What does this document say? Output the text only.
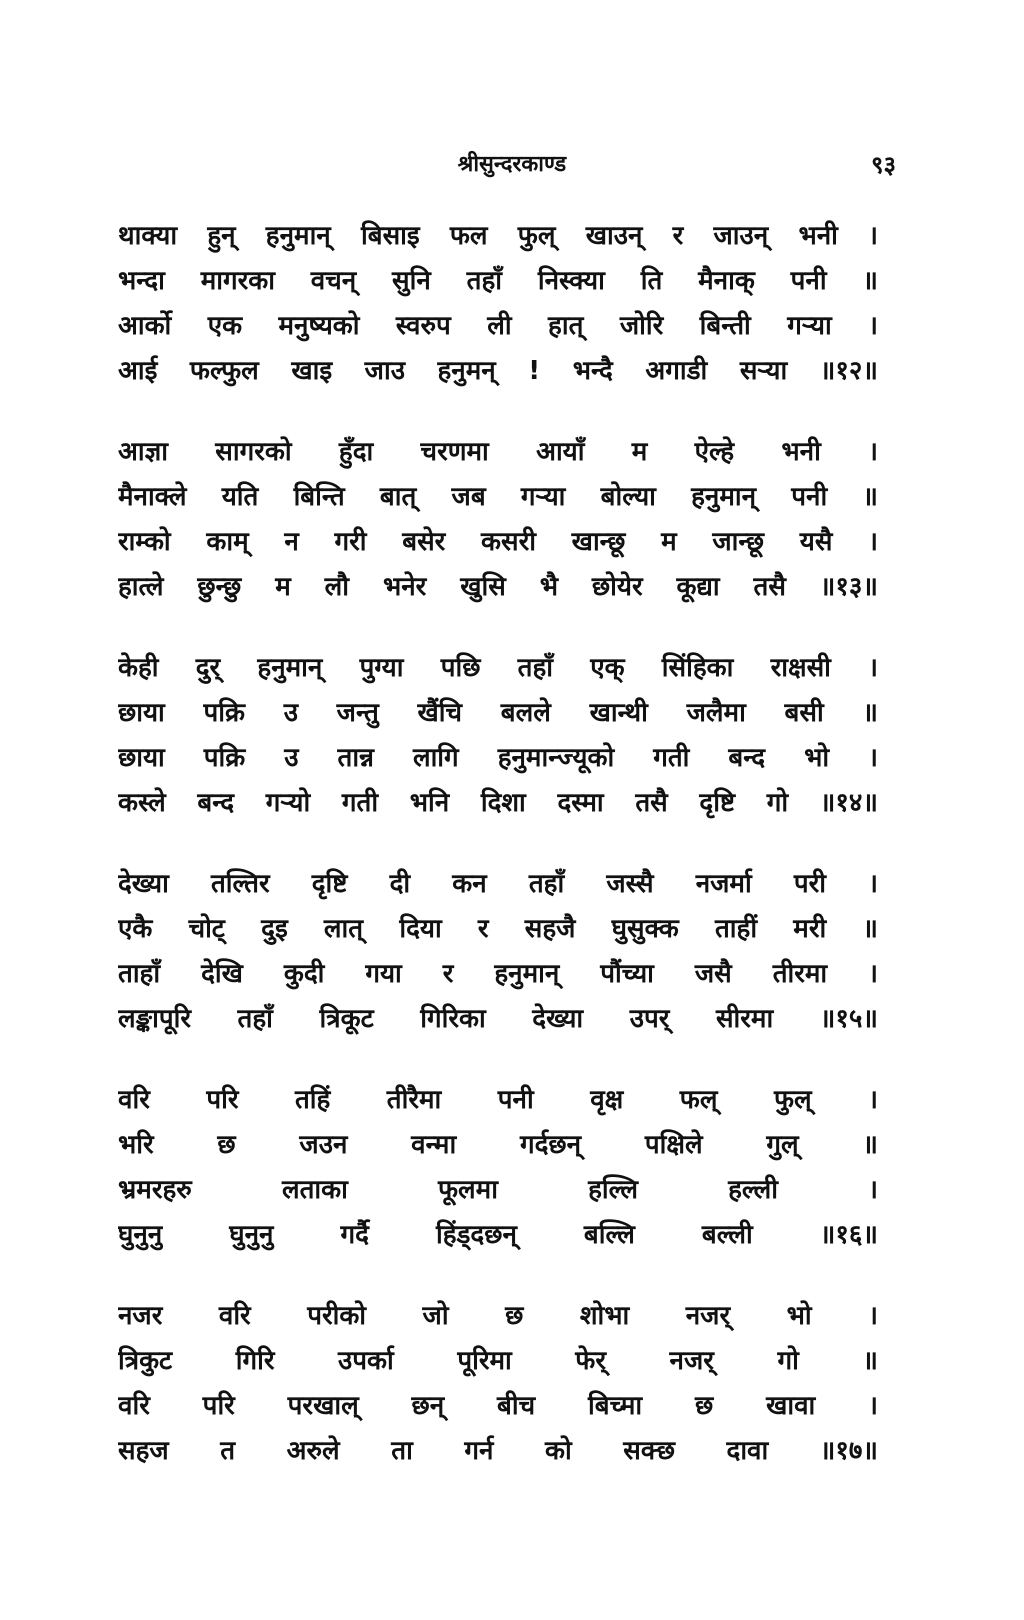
श्रीसुन्दरकाण्ड	९३
थाक्या हुन् हनुमान् बिसाइ फल फुल् खाउन् र जाउन् भनी ।
भन्दा मागरका वचन् सुनि तहाँ निस्क्या ति मैनाक् पनी ॥
आर्को एक मनुष्यको स्वरुप ली हात् जोरि बिन्ती गऱ्या ।
आई फल्फुल खाइ जाउ हनुमन् ! भन्दै अगाडी सऱ्या ॥१२॥
आज्ञा सागरको हुँदा चरणमा आयाँ म ऐल्हे भनी ।
मैनाक्ले यति बिन्ति बात् जब गऱ्या बोल्या हनुमान् पनी ॥
राम्को काम् न गरी बसेर कसरी खान्छू म जान्छू यसै ।
हात्ले छुन्छु म लौ भनेर खुसि भै छोयेर कूद्या तसै ॥१३॥
केही दुर् हनुमान् पुग्या पछि तहाँ एक् सिंहिका राक्षसी ।
छाया पक्रि उ जन्तु खैंचि बलले खान्थी जलैमा बसी ॥
छाया पक्रि उ तान्न लागि हनुमान्ज्यूको गती बन्द भो ।
कस्ले बन्द गऱ्यो गती भनि दिशा दस्मा तसै दृष्टि गो ॥१४॥
देख्या तल्तिर दृष्टि दी कन तहाँ जस्सै नजर्मा परी ।
एकै चोट् दुइ लात् दिया र सहजै घुसुक्क ताहीं मरी ॥
ताहाँ देखि कुदी गया र हनुमान् पौंच्या जसै तीरमा ।
लङ्कापूरि तहाँ त्रिकूट गिरिका देख्या उपर् सीरमा ॥१५॥
वरि परि तहिं तीरैमा पनी वृक्ष फल् फुल् ।
भरि छ जउन वन्मा गर्दछन् पक्षिले गुल् ॥
भ्रमरहरु लताका फूलमा हल्लि हल्ली ।
घुनुनु घुनुनु गर्दै हिंड्दछन् बल्लि बल्ली ॥१६॥
नजर वरि परीको जो छ शोभा नजर् भो ।
त्रिकुट गिरि उपर्का पूरिमा फेर् नजर् गो ॥
वरि परि परखाल् छन् बीच बिच्मा छ खावा ।
सहज त अरुले ता गर्न को सक्छ दावा ॥१७॥
